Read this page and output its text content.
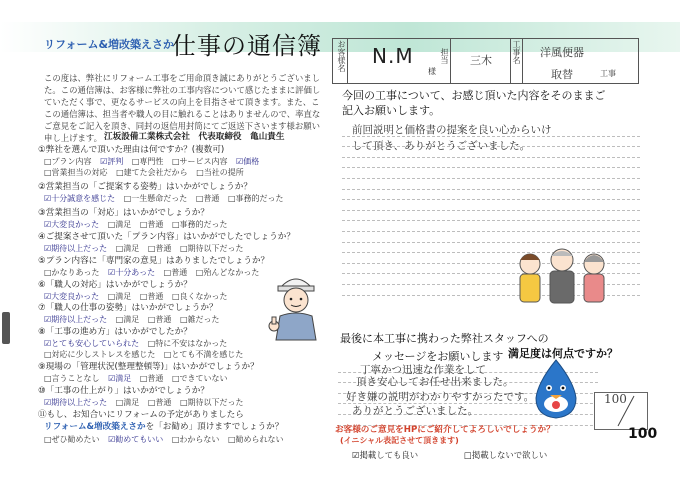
リフォーム&増改築えさか
仕事の通信簿
この度は、弊社にリフォーム工事をご用命頂き誠にありがとうございました。この通信簿は、お客様に弊社の工事内容について感じたままに評価していただく事で、更なるサービスの向上を目指させて頂きます。また、ここの通信簿は、担当者や職人の目に触れることはありませんので、率直なご意見をご記入を頂き、同封の返信用封筒にてご返送下さいます様お願い申し上げます。 江坂設備工業株式会社　代表取締役　亀山貴生
①弊社を選んで頂いた理由は何ですか？(複数可)
□プラン内容 ☑評判 □専門性 □サービス内容 ☑価格
□営業担当の対応 □建てた会社だから □当社の提所
②営業担当の「ご提案する姿勢」はいかがでしょうか？
☑十分誠意を感じた □一生懸命だった □普通 □事務的だった
③営業担当の「対応」はいかがでしょうか？
☑大変良かった □満足 □普通 □事務的だった
④ご提案させて頂いた「プラン内容」はいかがでしたでしょうか？
☑期待以上だった □満足 □普通 □期待以下だった
⑤プラン内容に「専門家の意見」はありましたでしょうか？
□かなりあった ☑十分あった □普通 □殆んどなかった
⑥「職人の対応」はいかがでしょうか？
☑大変良かった □満足 □普通 □良くなかった
⑦「職人の仕事の姿勢」はいかがでしょうか？
☑期待以上だった □満足 □普通 □雑だった
⑧「工事の進め方」はいかがでしたか？
☑とても安心していられた □特に不安はなかった
□対応に少しストレスを感じた □とても不満を感じた
⑨現場の「管理状況(整理整頓等)」はいかがでしょうか？
□言うことなし ☑満足 □普通 □できていない
⑩「工事の仕上がり」はいかがでしょうか？
☑期待以上だった □満足 □普通 □期待以下だった
⑪もし、お知合いにリフォームの予定がありましたら
リフォーム&増改築えさかを「お勧め」頂けますでしょうか？
□ぜひ勧めたい ☑勧めてもいい □わからない □勧められない
お客様名 N.M
様
担当 三木	工事名 洋風便器
取替	工事
今回の工事について、お感じ頂いた内容をそのままご
記入お願いします。
前回説明と価格書の提案を良い心からいけ
して頂き、ありがとうございました。
最後に本工事に携わった弊社スタッフへの
メッセージをお願いします 満足度は何点ですか？
丁寧かつ迅速な作業をして
頂き安心してお任せ出来ました。
好き嫌の説明がわかりやすかったです。
ありがとうございました。
100
100
お客様のご意見をHPにご紹介してよろしいでしょうか？
(イニシャル表記させて頂きます)
☑掲載しても良い	□掲載しないで欲しい
